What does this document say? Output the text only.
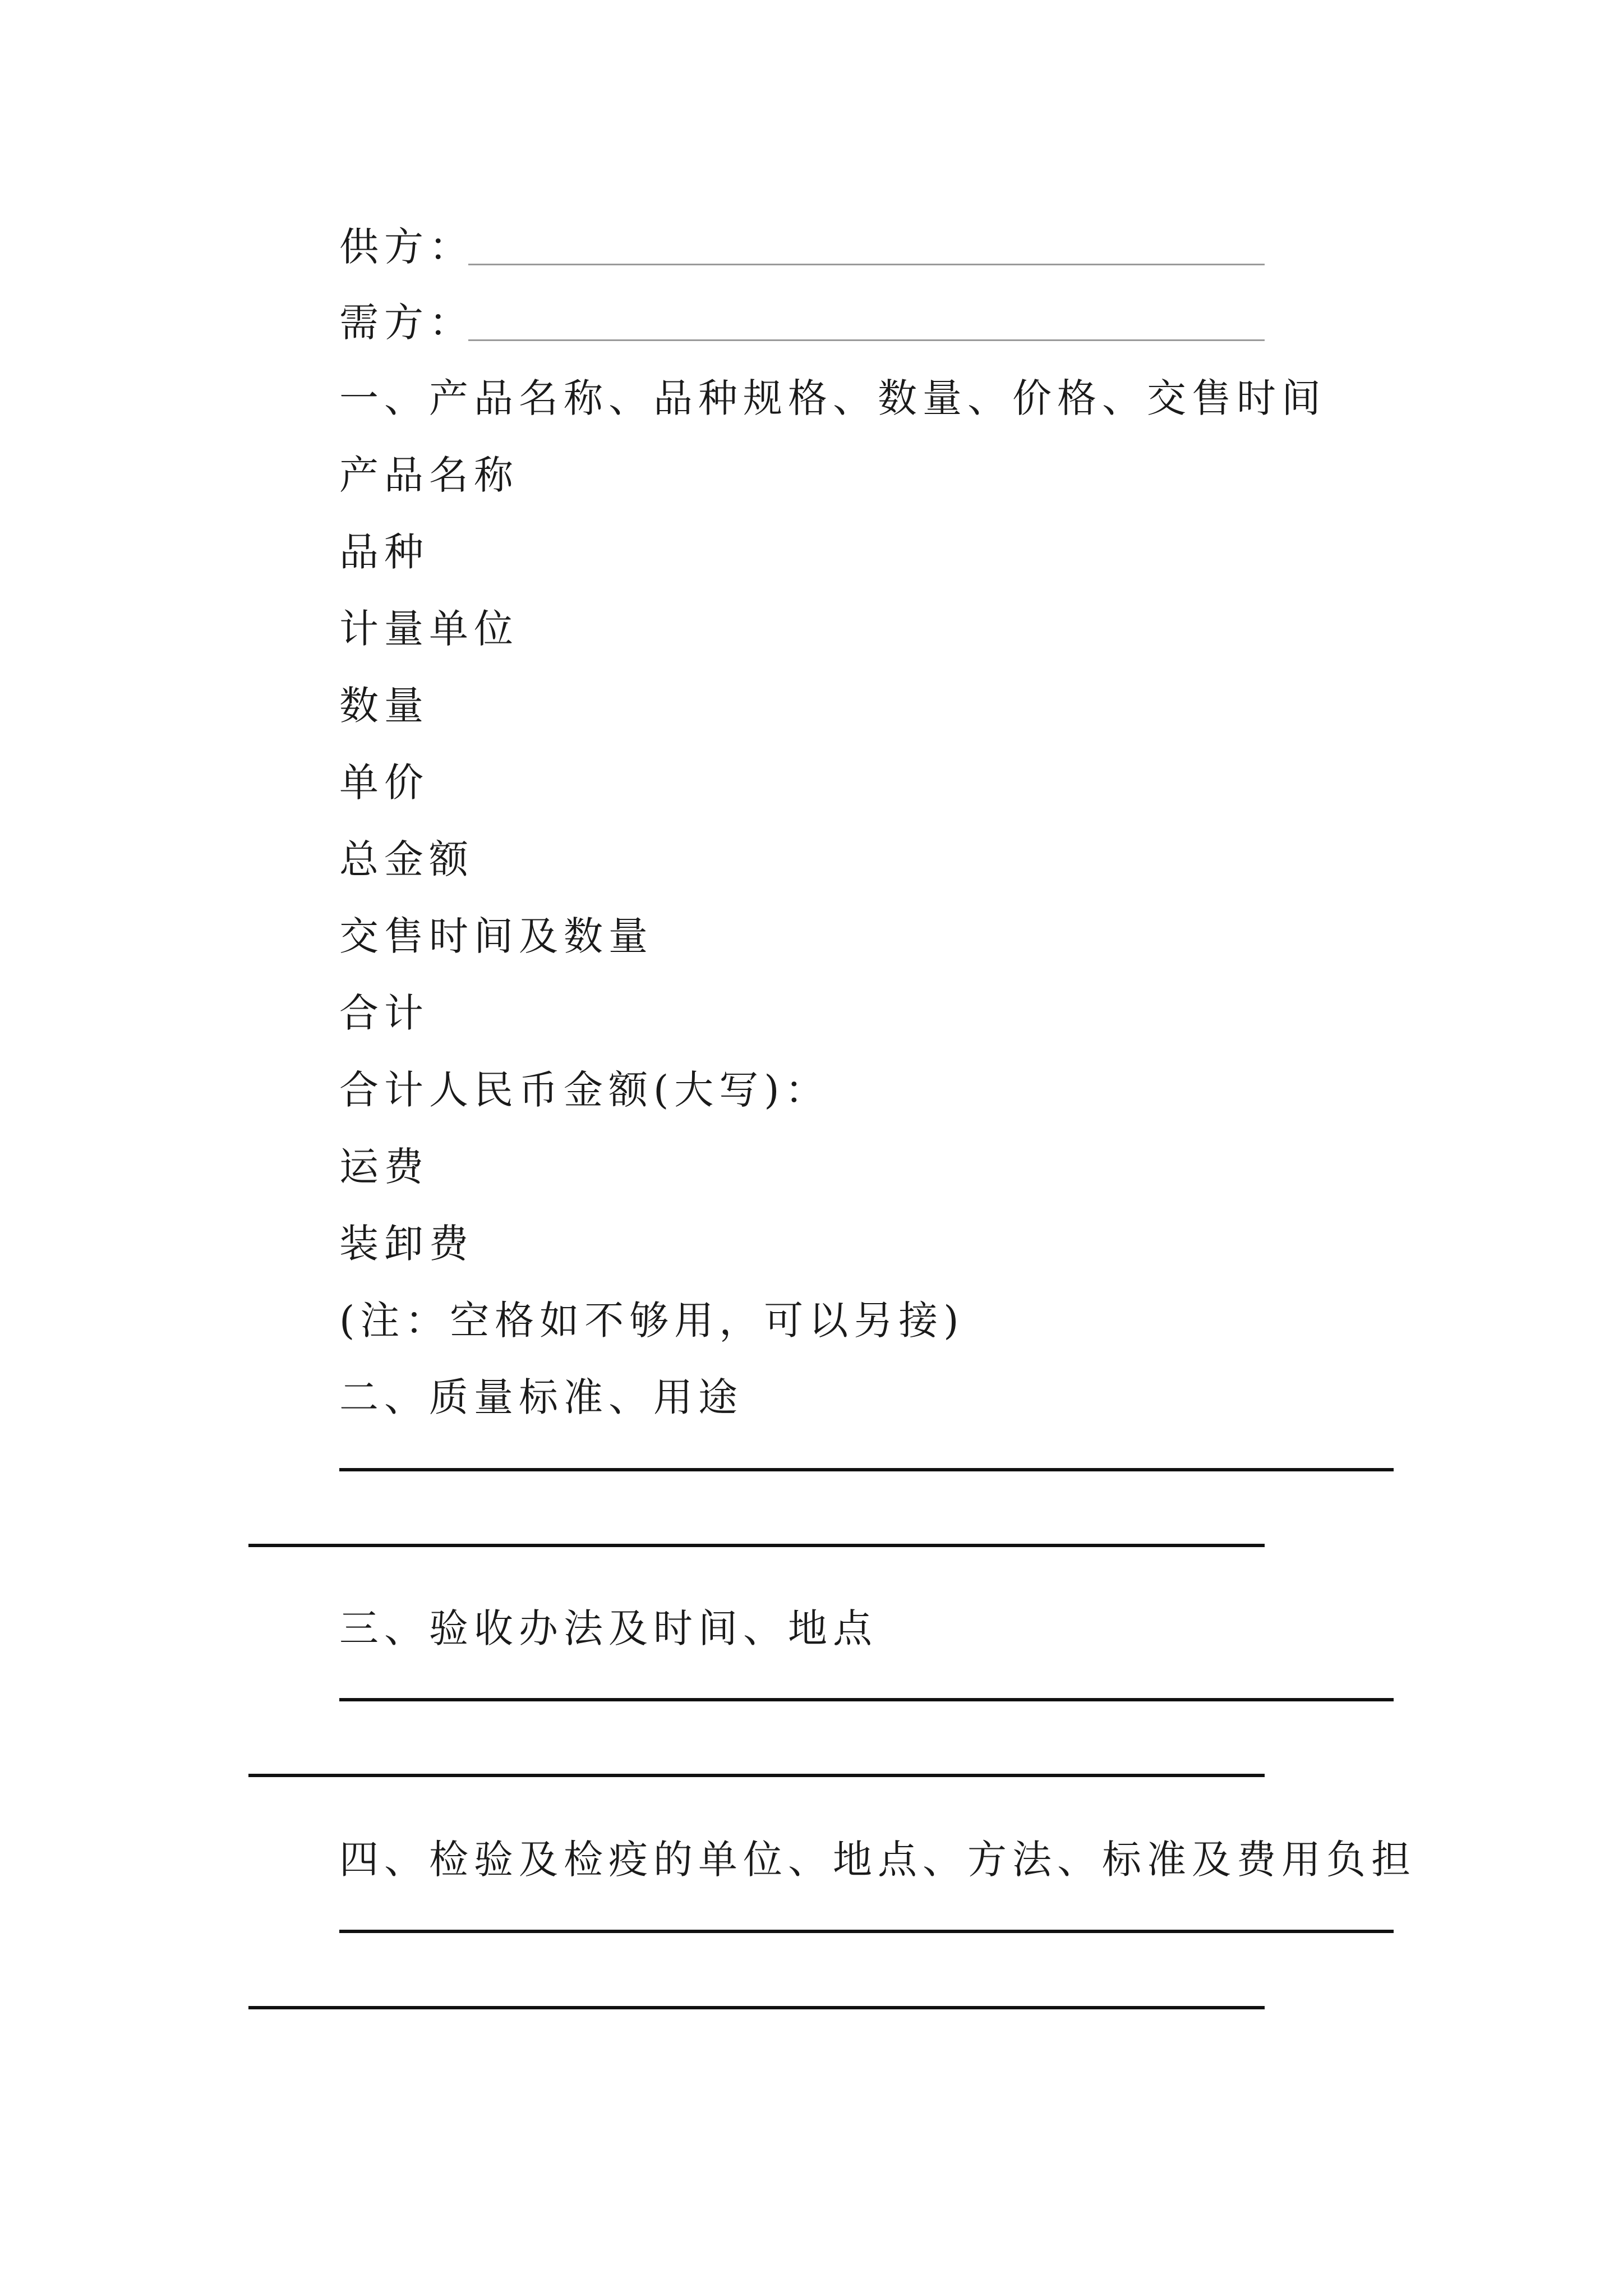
供方：
需方：
一、产品名称、品种规格、数量、价格、交售时间
产品名称
品种
计量单位
数量
单价
总金额
交售时间及数量
合计
合计人民币金额(大写)：
运费
装卸费
(注：空格如不够用，可以另接)
二、质量标准、用途
三、验收办法及时间、地点
四、检验及检疫的单位、地点、方法、标准及费用负担
